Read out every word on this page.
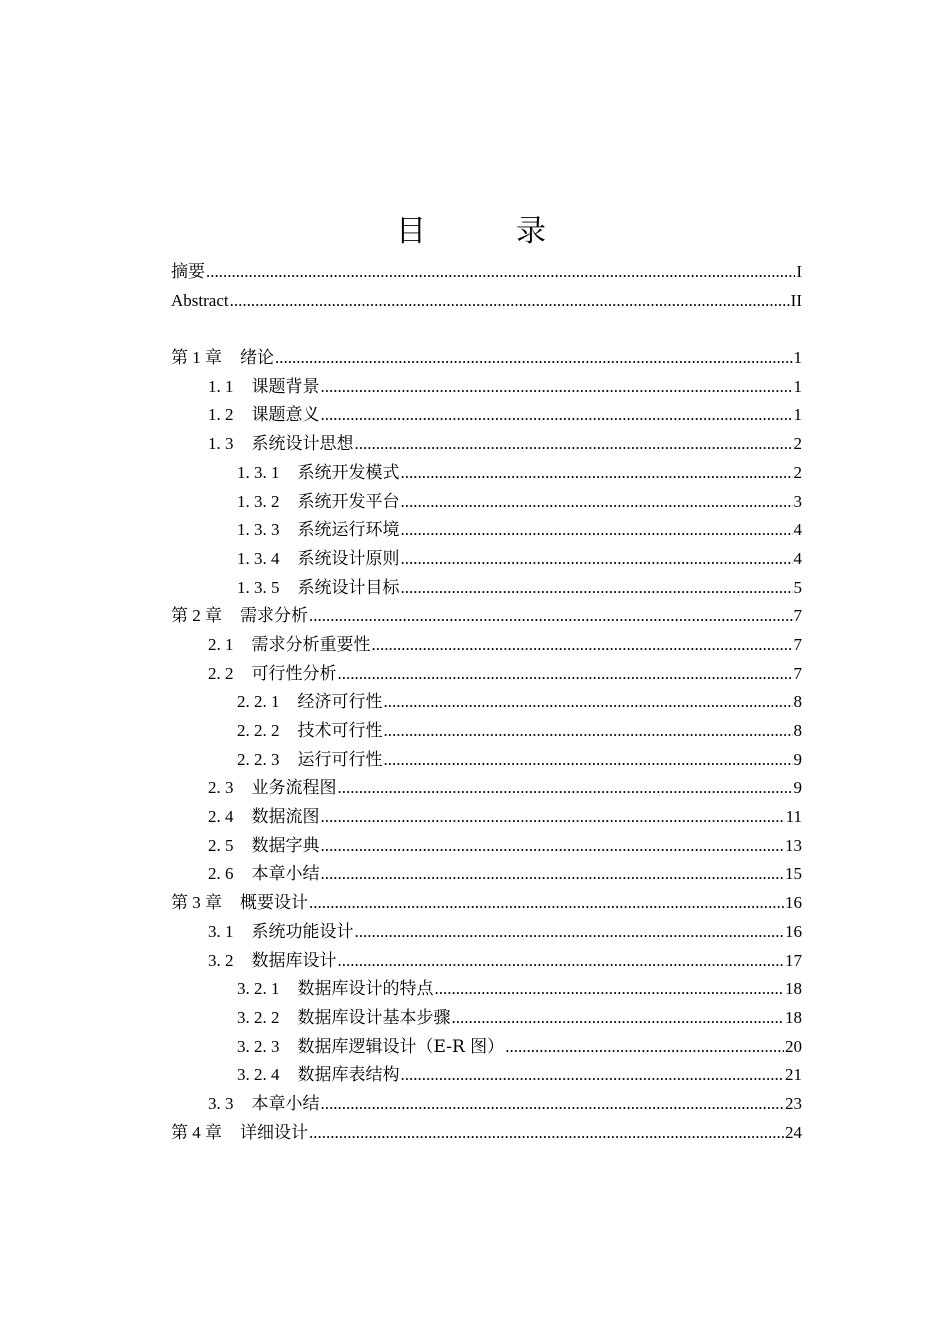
目　录
摘要 .....	I
Abstract .....	II
第 1 章 绪论 .....	1
1. 1 课题背景 .....	1
1. 2 课题意义 .....	1
1. 3 系统设计思想 .....	2
1. 3. 1 系统开发模式 .....	2
1. 3. 2 系统开发平台 .....	3
1. 3. 3 系统运行环境 .....	4
1. 3. 4 系统设计原则 .....	4
1. 3. 5 系统设计目标 .....	5
第 2 章 需求分析 .....	7
2. 1 需求分析重要性 .....	7
2. 2 可行性分析 .....	7
2. 2. 1 经济可行性 .....	8
2. 2. 2 技术可行性 .....	8
2. 2. 3 运行可行性 .....	9
2. 3 业务流程图 .....	9
2. 4 数据流图 .....	11
2. 5 数据字典 .....	13
2. 6 本章小结 .....	15
第 3 章 概要设计 .....	16
3. 1 系统功能设计 .....	16
3. 2 数据库设计 .....	17
3. 2. 1 数据库设计的特点 .....	18
3. 2. 2 数据库设计基本步骤 .....	18
3. 2. 3 数据库逻辑设计（E-R 图） .....	20
3. 2. 4 数据库表结构 .....	21
3. 3 本章小结 .....	23
第 4 章 详细设计 .....	24
